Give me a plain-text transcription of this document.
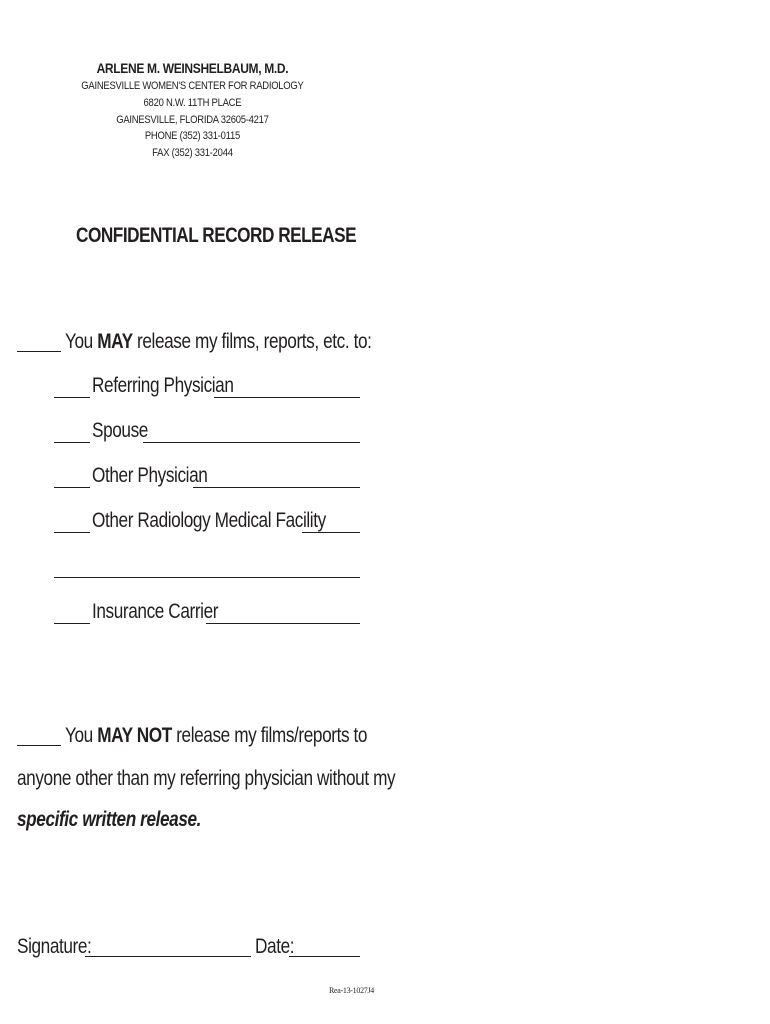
ARLENE M. WEINSHELBAUM, M.D.
GAINESVILLE WOMEN'S CENTER FOR RADIOLOGY
6820 N.W. 11TH PLACE
GAINESVILLE, FLORIDA 32605-4217
PHONE (352) 331-0115
FAX (352) 331-2044
CONFIDENTIAL RECORD RELEASE
You MAY release my films, reports, etc. to:
Referring Physician
Spouse
Other Physician
Other Radiology Medical Facility
Insurance Carrier
You MAY NOT release my films/reports to
anyone other than my referring physician without my
specific written release.
Signature:	Date:
Rea-13-1027J4
